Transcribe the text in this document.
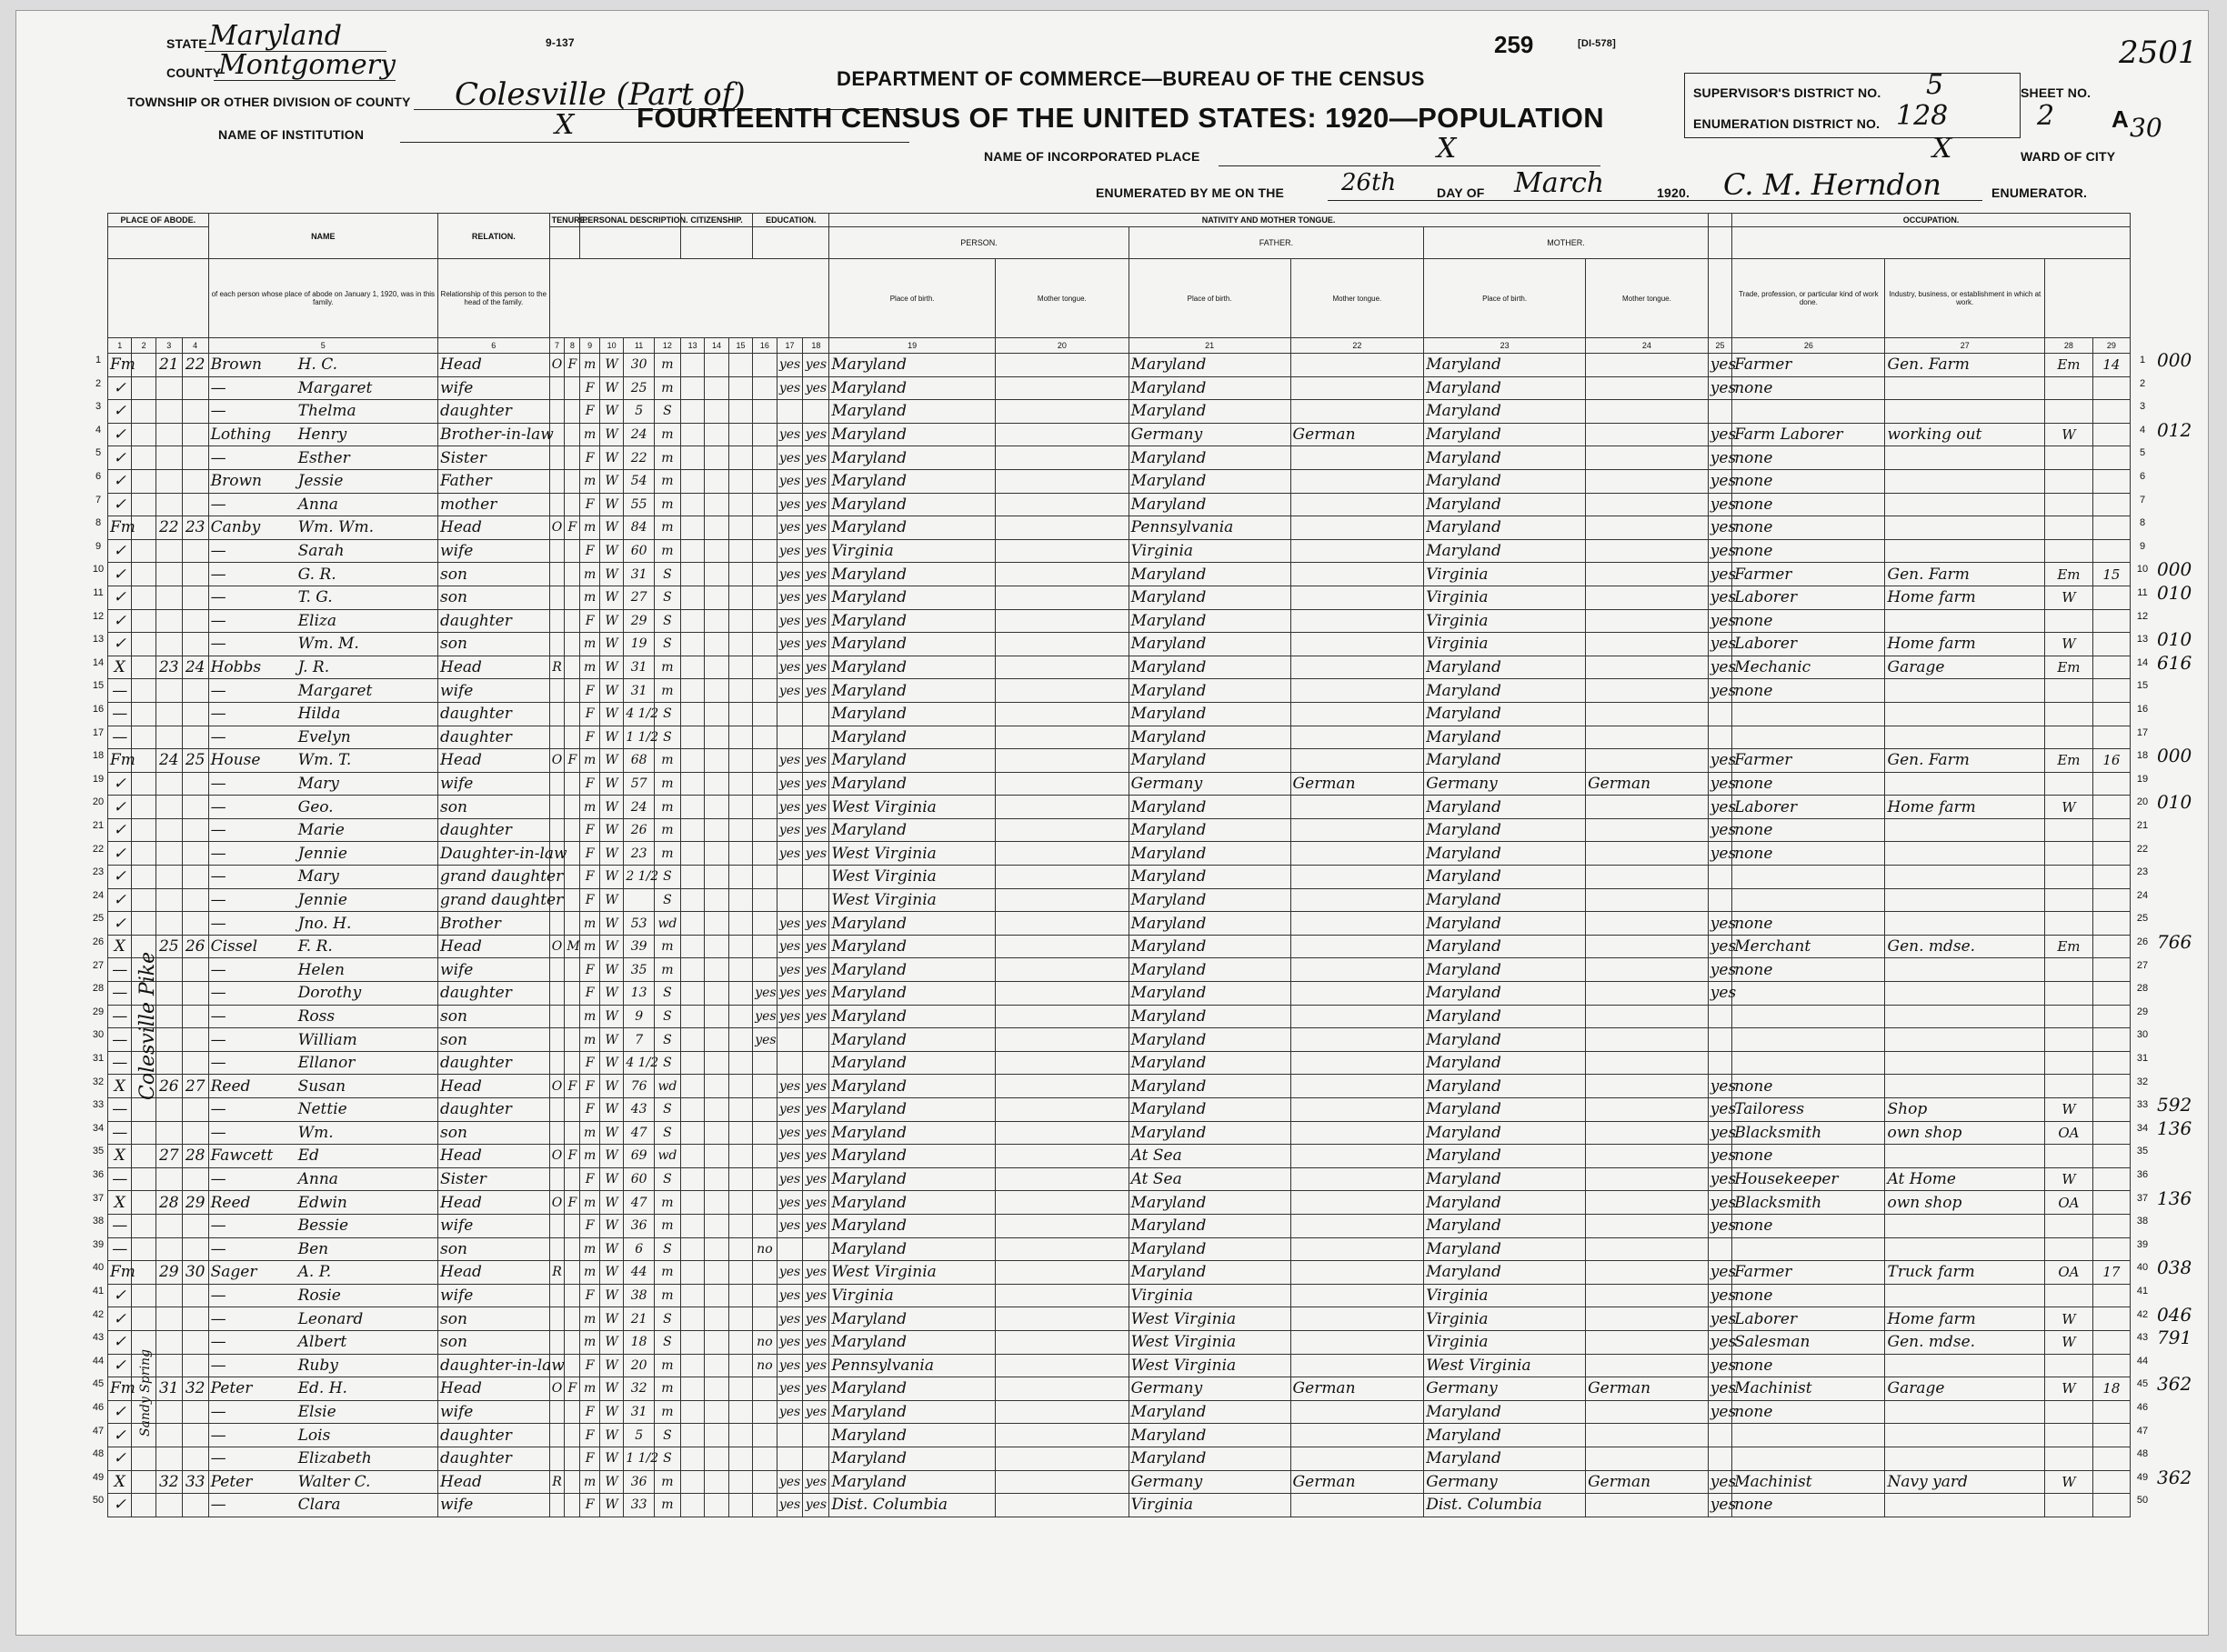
STATE Maryland
COUNTY
Montgomery
TOWNSHIP OR OTHER DIVISION OF COUNTY Colesville (Part of)
NAME OF INSTITUTION	X
9-137	259	[DI-578]
DEPARTMENT OF COMMERCE—BUREAU OF THE CENSUS
FOURTEENTH CENSUS OF THE UNITED STATES: 1920—POPULATION
NAME OF INCORPORATED PLACE	X
ENUMERATED BY ME ON THE 26th	DAY OF March	1920. C. M. Herndon	ENUMERATOR.
SUPERVISOR'S DISTRICT NO. 5
ENUMERATION DISTRICT NO. 128
SHEET NO.
2 A 30
2501
WARD OF CITY
X
PLACE OF ABODE.				NAME	RELATION.	TENURE.		PERSONAL DESCRIPTION.				CITIZENSHIP.			EDUCATION.			NATIVITY AND MOTHER TONGUE.							OCCUPATION.			
																		PERSON.		FATHER.		MOTHER.						
				of each person whose place of abode on January 1, 1920, was in this family.	Relationship of this person to the head of the family.													Place of birth.	Mother tongue.	Place of birth.	Mother tongue.	Place of birth.	Mother tongue.		Trade, profession, or particular kind of work done.	Industry, business, or establishment in which at work.		
1	2	3	4	5	6	7	8	9	10	11	12	13	14	15	16	17	18	19	20	21	22	23	24	25	26	27	28	29
Fm		21	22	Brown H. C.	Head	O	F	m	W	30	m					yes	yes	Maryland		Maryland		Maryland		yes	Farmer	Gen. Farm	Em	14
✓				— Margaret	wife			F	W	25	m					yes	yes	Maryland		Maryland		Maryland		yes	none			
✓				— Thelma	daughter			F	W	5	S							Maryland		Maryland		Maryland						
✓				Lothing Henry	Brother-in-law			m	W	24	m					yes	yes	Maryland		Germany	German	Maryland		yes	Farm Laborer	working out	W	
✓				— Esther	Sister			F	W	22	m					yes	yes	Maryland		Maryland		Maryland		yes	none			
✓				Brown Jessie	Father			m	W	54	m					yes	yes	Maryland		Maryland		Maryland		yes	none			
✓				— Anna	mother			F	W	55	m					yes	yes	Maryland		Maryland		Maryland		yes	none			
Fm		22	23	Canby Wm. Wm.	Head	O	F	m	W	84	m					yes	yes	Maryland		Pennsylvania		Maryland		yes	none			
✓				— Sarah	wife			F	W	60	m					yes	yes	Virginia		Virginia		Maryland		yes	none			
✓				— G. R.	son			m	W	31	S					yes	yes	Maryland		Maryland		Virginia		yes	Farmer	Gen. Farm	Em	15
✓				— T. G.	son			m	W	27	S					yes	yes	Maryland		Maryland		Virginia		yes	Laborer	Home farm	W	
✓				— Eliza	daughter			F	W	29	S					yes	yes	Maryland		Maryland		Virginia		yes	none			
✓				— Wm. M.	son			m	W	19	S					yes	yes	Maryland		Maryland		Virginia		yes	Laborer	Home farm	W	
X		23	24	Hobbs J. R.	Head	R		m	W	31	m					yes	yes	Maryland		Maryland		Maryland		yes	Mechanic	Garage	Em	
—				— Margaret	wife			F	W	31	m					yes	yes	Maryland		Maryland		Maryland		yes	none			
—				— Hilda	daughter			F	W	4 1/2	S							Maryland		Maryland		Maryland						
—				— Evelyn	daughter			F	W	1 1/2	S							Maryland		Maryland		Maryland						
Fm		24	25	House Wm. T.	Head	O	F	m	W	68	m					yes	yes	Maryland		Maryland		Maryland		yes	Farmer	Gen. Farm	Em	16
✓				— Mary	wife			F	W	57	m					yes	yes	Maryland		Germany	German	Germany	German	yes	none			
✓				— Geo.	son			m	W	24	m					yes	yes	West Virginia		Maryland		Maryland		yes	Laborer	Home farm	W	
✓				— Marie	daughter			F	W	26	m					yes	yes	Maryland		Maryland		Maryland		yes	none			
✓				— Jennie	Daughter-in-law			F	W	23	m					yes	yes	West Virginia		Maryland		Maryland		yes	none			
✓				— Mary	grand daughter			F	W	2 1/2	S							West Virginia		Maryland		Maryland						
✓				— Jennie	grand daughter			F	W		S							West Virginia		Maryland		Maryland						
✓				— Jno. H.	Brother			m	W	53	wd					yes	yes	Maryland		Maryland		Maryland		yes	none			
X		25	26	Cissel F. R.	Head	O	M	m	W	39	m					yes	yes	Maryland		Maryland		Maryland		yes	Merchant	Gen. mdse.	Em	
—				— Helen	wife			F	W	35	m					yes	yes	Maryland		Maryland		Maryland		yes	none			
—				— Dorothy	daughter			F	W	13	S				yes	yes	yes	Maryland		Maryland		Maryland		yes				
—				— Ross	son			m	W	9	S				yes	yes	yes	Maryland		Maryland		Maryland						
—				— William	son			m	W	7	S				yes			Maryland		Maryland		Maryland						
—				— Ellanor	daughter			F	W	4 1/2	S							Maryland		Maryland		Maryland						
X		26	27	Reed Susan	Head	O	F	F	W	76	wd					yes	yes	Maryland		Maryland		Maryland		yes	none			
—				— Nettie	daughter			F	W	43	S					yes	yes	Maryland		Maryland		Maryland		yes	Tailoress	Shop	W	
—				— Wm.	son			m	W	47	S					yes	yes	Maryland		Maryland		Maryland		yes	Blacksmith	own shop	OA	
X		27	28	Fawcett Ed	Head	O	F	m	W	69	wd					yes	yes	Maryland		At Sea		Maryland		yes	none			
—				— Anna	Sister			F	W	60	S					yes	yes	Maryland		At Sea		Maryland		yes	Housekeeper	At Home	W	
X		28	29	Reed Edwin	Head	O	F	m	W	47	m					yes	yes	Maryland		Maryland		Maryland		yes	Blacksmith	own shop	OA	
—				— Bessie	wife			F	W	36	m					yes	yes	Maryland		Maryland		Maryland		yes	none			
—				— Ben	son			m	W	6	S				no			Maryland		Maryland		Maryland						
Fm		29	30	Sager A. P.	Head	R		m	W	44	m					yes	yes	West Virginia		Maryland		Maryland		yes	Farmer	Truck farm	OA	17
✓				— Rosie	wife			F	W	38	m					yes	yes	Virginia		Virginia		Virginia		yes	none			
✓				— Leonard	son			m	W	21	S					yes	yes	Maryland		West Virginia		Virginia		yes	Laborer	Home farm	W	
✓				— Albert	son			m	W	18	S				no	yes	yes	Maryland		West Virginia		Virginia		yes	Salesman	Gen. mdse.	W	
✓				— Ruby	daughter-in-law			F	W	20	m				no	yes	yes	Pennsylvania		West Virginia		West Virginia		yes	none			
Fm		31	32	Peter Ed. H.	Head	O	F	m	W	32	m					yes	yes	Maryland		Germany	German	Germany	German	yes	Machinist	Garage	W	18
✓				— Elsie	wife			F	W	31	m					yes	yes	Maryland		Maryland		Maryland		yes	none			
✓				— Lois	daughter			F	W	5	S							Maryland		Maryland		Maryland						
✓				— Elizabeth	daughter			F	W	1 1/2	S							Maryland		Maryland		Maryland						
X		32	33	Peter Walter C.	Head	R		m	W	36	m					yes	yes	Maryland		Germany	German	Germany	German	yes	Machinist	Navy yard	W	
✓				— Clara	wife			F	W	33	m					yes	yes	Dist. Columbia		Virginia		Dist. Columbia		yes	none			
Colesville Pike
Sandy Spring
1	1 000
2	2
3	3
4	4 012
5	5
6	6
7	7
8	8
9	9
10	10 000
11	11 010
12	12
13	13 010
14	14 616
15	15
16	16
17	17
18	18 000
19	19
20	20 010
21	21
22	22
23	23
24	24
25	25
26	26 766
27	27
28	28
29	29
30	30
31	31
32	32
33	33 592
34	34 136
35	35
36	36
37	37 136
38	38
39	39
40	40 038
41	41
42	42 046
43	43 791
44	44
45	45 362
46	46
47	47
48	48
49	49 362
50	50
